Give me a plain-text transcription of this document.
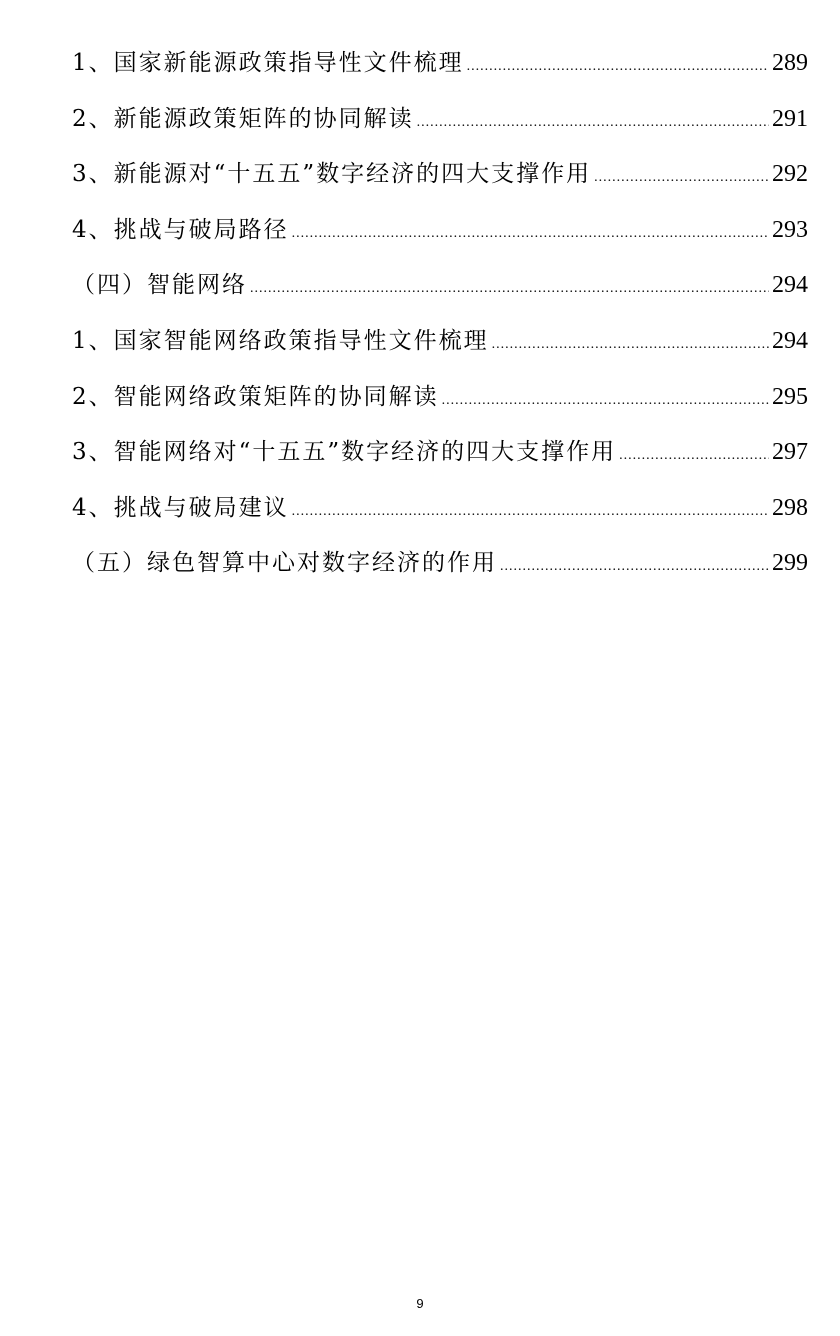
1、国家新能源政策指导性文件梳理 .....	289
2、新能源政策矩阵的协同解读 .....	291
3、新能源对“十五五”数字经济的四大支撑作用 .....	292
4、挑战与破局路径 .....	293
（四）智能网络 .....	294
1、国家智能网络政策指导性文件梳理 .....	294
2、智能网络政策矩阵的协同解读 .....	295
3、智能网络对“十五五”数字经济的四大支撑作用 .....	297
4、挑战与破局建议 .....	298
（五）绿色智算中心对数字经济的作用 .....	299
9
